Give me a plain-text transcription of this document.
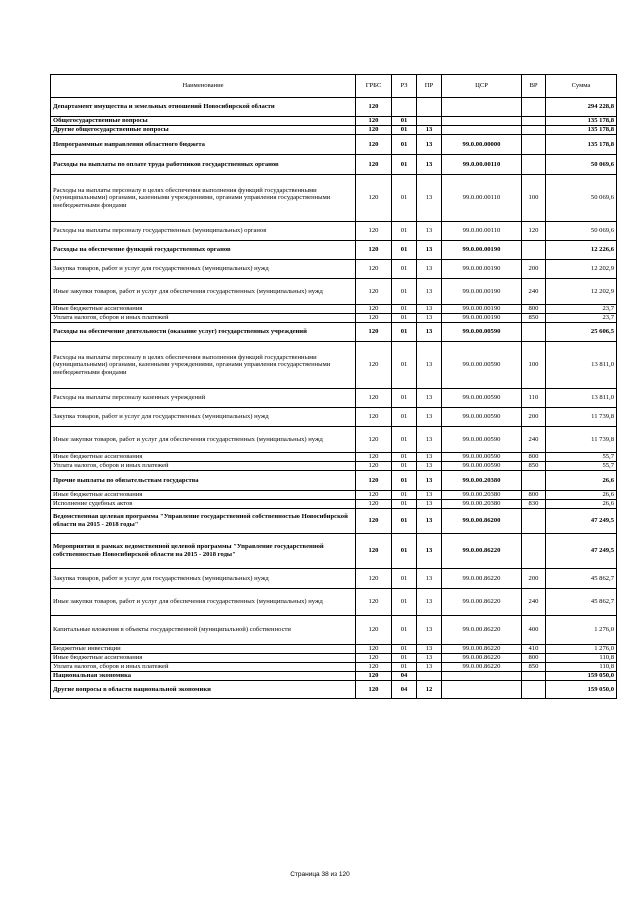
Наименование	ГРБС	РЗ	ПР	ЦСР	ВР	Сумма
Департамент имущества и земельных отношений Новосибирской области	120					294 228,8
Общегосударственные вопросы	120	01				135 178,8
Другие общегосударственные вопросы	120	01	13			135 178,8
Непрограммные направления областного бюджета	120	01	13	99.0.00.00000		135 178,8
Расходы на выплаты по оплате труда работников государственных органов	120	01	13	99.0.00.00110		50 069,6
Расходы на выплаты персоналу в целях обеспечения выполнения функций государственными (муниципальными) органами, казенными учреждениями, органами управления государственными внебюджетными фондами	120	01	13	99.0.00.00110	100	50 069,6
Расходы на выплаты персоналу государственных (муниципальных) органов	120	01	13	99.0.00.00110	120	50 069,6
Расходы на обеспечение функций государственных органов	120	01	13	99.0.00.00190		12 226,6
Закупка товаров, работ и услуг для государственных (муниципальных) нужд	120	01	13	99.0.00.00190	200	12 202,9
Иные закупки товаров, работ и услуг для обеспечения государственных (муниципальных) нужд	120	01	13	99.0.00.00190	240	12 202,9
Иные бюджетные ассигнования	120	01	13	99.0.00.00190	800	23,7
Уплата налогов, сборов и иных платежей	120	01	13	99.0.00.00190	850	23,7
Расходы на обеспечение деятельности (оказание услуг) государственных учреждений	120	01	13	99.0.00.00590		25 606,5
Расходы на выплаты персоналу в целях обеспечения выполнения функций государственными (муниципальными) органами, казенными учреждениями, органами управления государственными внебюджетными фондами	120	01	13	99.0.00.00590	100	13 811,0
Расходы на выплаты персоналу казенных учреждений	120	01	13	99.0.00.00590	110	13 811,0
Закупка товаров, работ и услуг для государственных (муниципальных) нужд	120	01	13	99.0.00.00590	200	11 739,8
Иные закупки товаров, работ и услуг для обеспечения государственных (муниципальных) нужд	120	01	13	99.0.00.00590	240	11 739,8
Иные бюджетные ассигнования	120	01	13	99.0.00.00590	800	55,7
Уплата налогов, сборов и иных платежей	120	01	13	99.0.00.00590	850	55,7
Прочие выплаты по обязательствам государства	120	01	13	99.0.00.20380		26,6
Иные бюджетные ассигнования	120	01	13	99.0.00.20380	800	26,6
Исполнение судебных актов	120	01	13	99.0.00.20380	830	26,6
Ведомственная целевая программа "Управление государственной собственностью Новосибирской области на 2015 - 2018 годы"	120	01	13	99.0.00.86200		47 249,5
Мероприятия в рамках ведомственной целевой программы "Управление государственной собственностью Новосибирской области на 2015 - 2018 годы"	120	01	13	99.0.00.86220		47 249,5
Закупка товаров, работ и услуг для государственных (муниципальных) нужд	120	01	13	99.0.00.86220	200	45 862,7
Иные закупки товаров, работ и услуг для обеспечения государственных (муниципальных) нужд	120	01	13	99.0.00.86220	240	45 862,7
Капитальные вложения в объекты государственной (муниципальной) собственности	120	01	13	99.0.00.86220	400	1 276,0
Бюджетные инвестиции	120	01	13	99.0.00.86220	410	1 276,0
Иные бюджетные ассигнования	120	01	13	99.0.00.86220	800	110,8
Уплата налогов, сборов и иных платежей	120	01	13	99.0.00.86220	850	110,8
Национальная экономика	120	04				159 050,0
Другие вопросы в области национальной экономики	120	04	12			159 050,0
Страница 38 из 120
